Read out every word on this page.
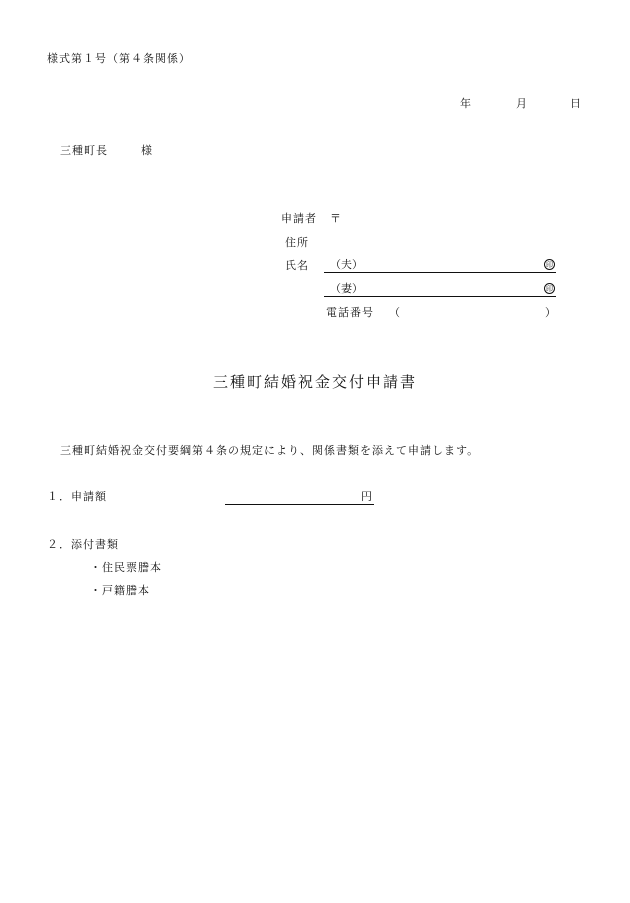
様式第１号（第４条関係）
年	月	日
三種町長	様
申請者 〒
住所
氏名 （夫）	印
（妻）	印
電話番号 （	）
三種町結婚祝金交付申請書
三種町結婚祝金交付要綱第４条の規定により、関係書類を添えて申請します。
１．申請額	円
２．添付書類
・住民票謄本
・戸籍謄本
